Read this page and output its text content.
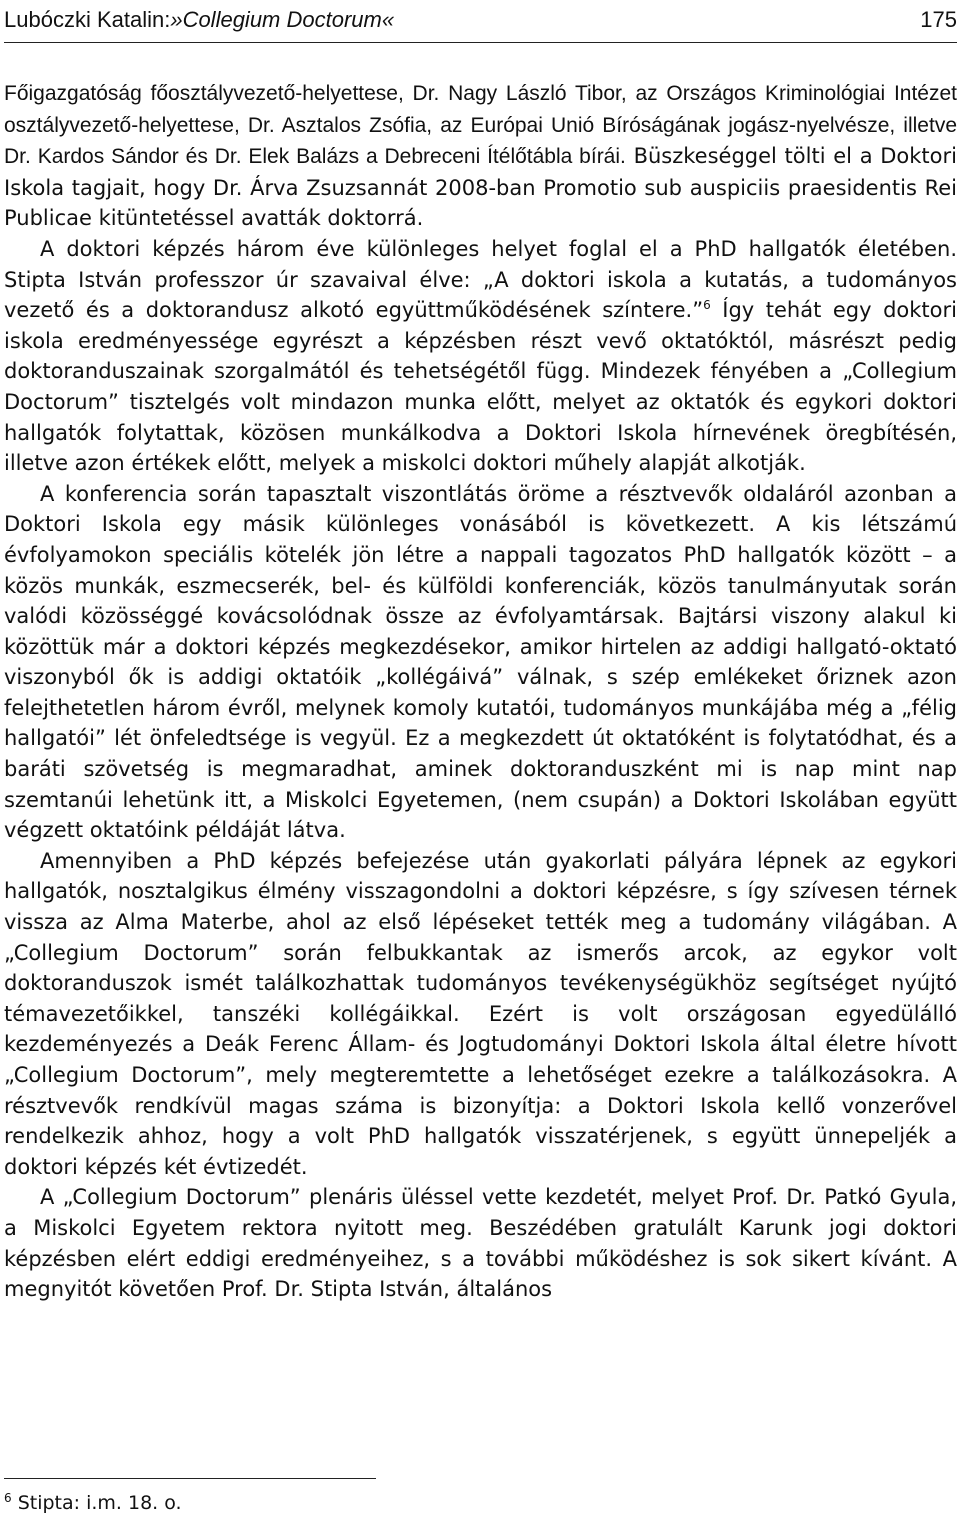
Lubóczki Katalin:»Collegium Doctorum«	175

Főigazgatóság főosztályvezető-helyettese, Dr. Nagy László Tibor, az Országos Kriminológiai Intézet osztályvezető-helyettese, Dr. Asztalos Zsófia, az Európai Unió Bíróságának jogász-nyelvésze, illetve Dr. Kardos Sándor és Dr. Elek Balázs a Debreceni Ítélőtábla bírái. Büszkeséggel tölti el a Doktori Iskola tagjait, hogy Dr. Árva Zsuzsannát 2008-ban Promotio sub auspiciis praesidentis Rei Publicae kitüntetéssel avatták doktorrá.

A doktori képzés három éve különleges helyet foglal el a PhD hallgatók életében. Stipta István professzor úr szavaival élve: „A doktori iskola a kutatás, a tudományos vezető és a doktorandusz alkotó együttműködésének színtere.”$^6$ Így tehát egy doktori iskola eredményessége egyrészt a képzésben részt vevő oktatóktól, másrészt pedig doktoranduszainak szorgalmától és tehetségétől függ. Mindezek fényében a „Collegium Doctorum” tisztelgés volt mindazon munka előtt, melyet az oktatók és egykori doktori hallgatók folytattak, közösen munkálkodva a Doktori Iskola hírnevének öregbítésén, illetve azon értékek előtt, melyek a miskolci doktori műhely alapját alkotják.

A konferencia során tapasztalt viszontlátás öröme a résztvevők oldaláról azonban a Doktori Iskola egy másik különleges vonásából is következett. A kis létszámú évfolyamokon speciális kötelék jön létre a nappali tagozatos PhD hallgatók között – a közös munkák, eszmecserék, bel- és külföldi konferenciák, közös tanulmányutak során valódi közösséggé kovácsolódnak össze az évfolyamtársak. Bajtársi viszony alakul ki közöttük már a doktori képzés megkezdésekor, amikor hirtelen az addigi hallgató-oktató viszonyból ők is addigi oktatóik „kollégáivá” válnak, s szép emlékeket őriznek azon felejthetetlen három évről, melynek komoly kutatói, tudományos munkájába még a „félig hallgatói” lét önfeledtsége is vegyül. Ez a megkezdett út oktatóként is folytatódhat, és a baráti szövetség is megmaradhat, aminek doktoranduszként mi is nap mint nap szemtanúi lehetünk itt, a Miskolci Egyetemen, (nem csupán) a Doktori Iskolában együtt végzett oktatóink példáját látva.

Amennyiben a PhD képzés befejezése után gyakorlati pályára lépnek az egykori hallgatók, nosztalgikus élmény visszagondolni a doktori képzésre, s így szívesen térnek vissza az Alma Materbe, ahol az első lépéseket tették meg a tudomány világában. A „Collegium Doctorum” során felbukkantak az ismerős arcok, az egykor volt doktoranduszok ismét találkozhattak tudományos tevékenységükhöz segítséget nyújtó témavezetőikkel, tanszéki kollégáikkal. Ezért is volt országosan egyedülálló kezdeményezés a Deák Ferenc Állam- és Jogtudományi Doktori Iskola által életre hívott „Collegium Doctorum”, mely megteremtette a lehetőséget ezekre a találkozásokra. A résztvevők rendkívül magas száma is bizonyítja: a Doktori Iskola kellő vonzerővel rendelkezik ahhoz, hogy a volt PhD hallgatók visszatérjenek, s együtt ünnepeljék a doktori képzés két évtizedét.

A „Collegium Doctorum” plenáris üléssel vette kezdetét, melyet Prof. Dr. Patkó Gyula, a Miskolci Egyetem rektora nyitott meg. Beszédében gratulált Karunk jogi doktori képzésben elért eddigi eredményeihez, s a további működéshez is sok sikert kívánt. A megnyitót követően Prof. Dr. Stipta István, általános

$^6$ Stipta: i.m. 18. o.
